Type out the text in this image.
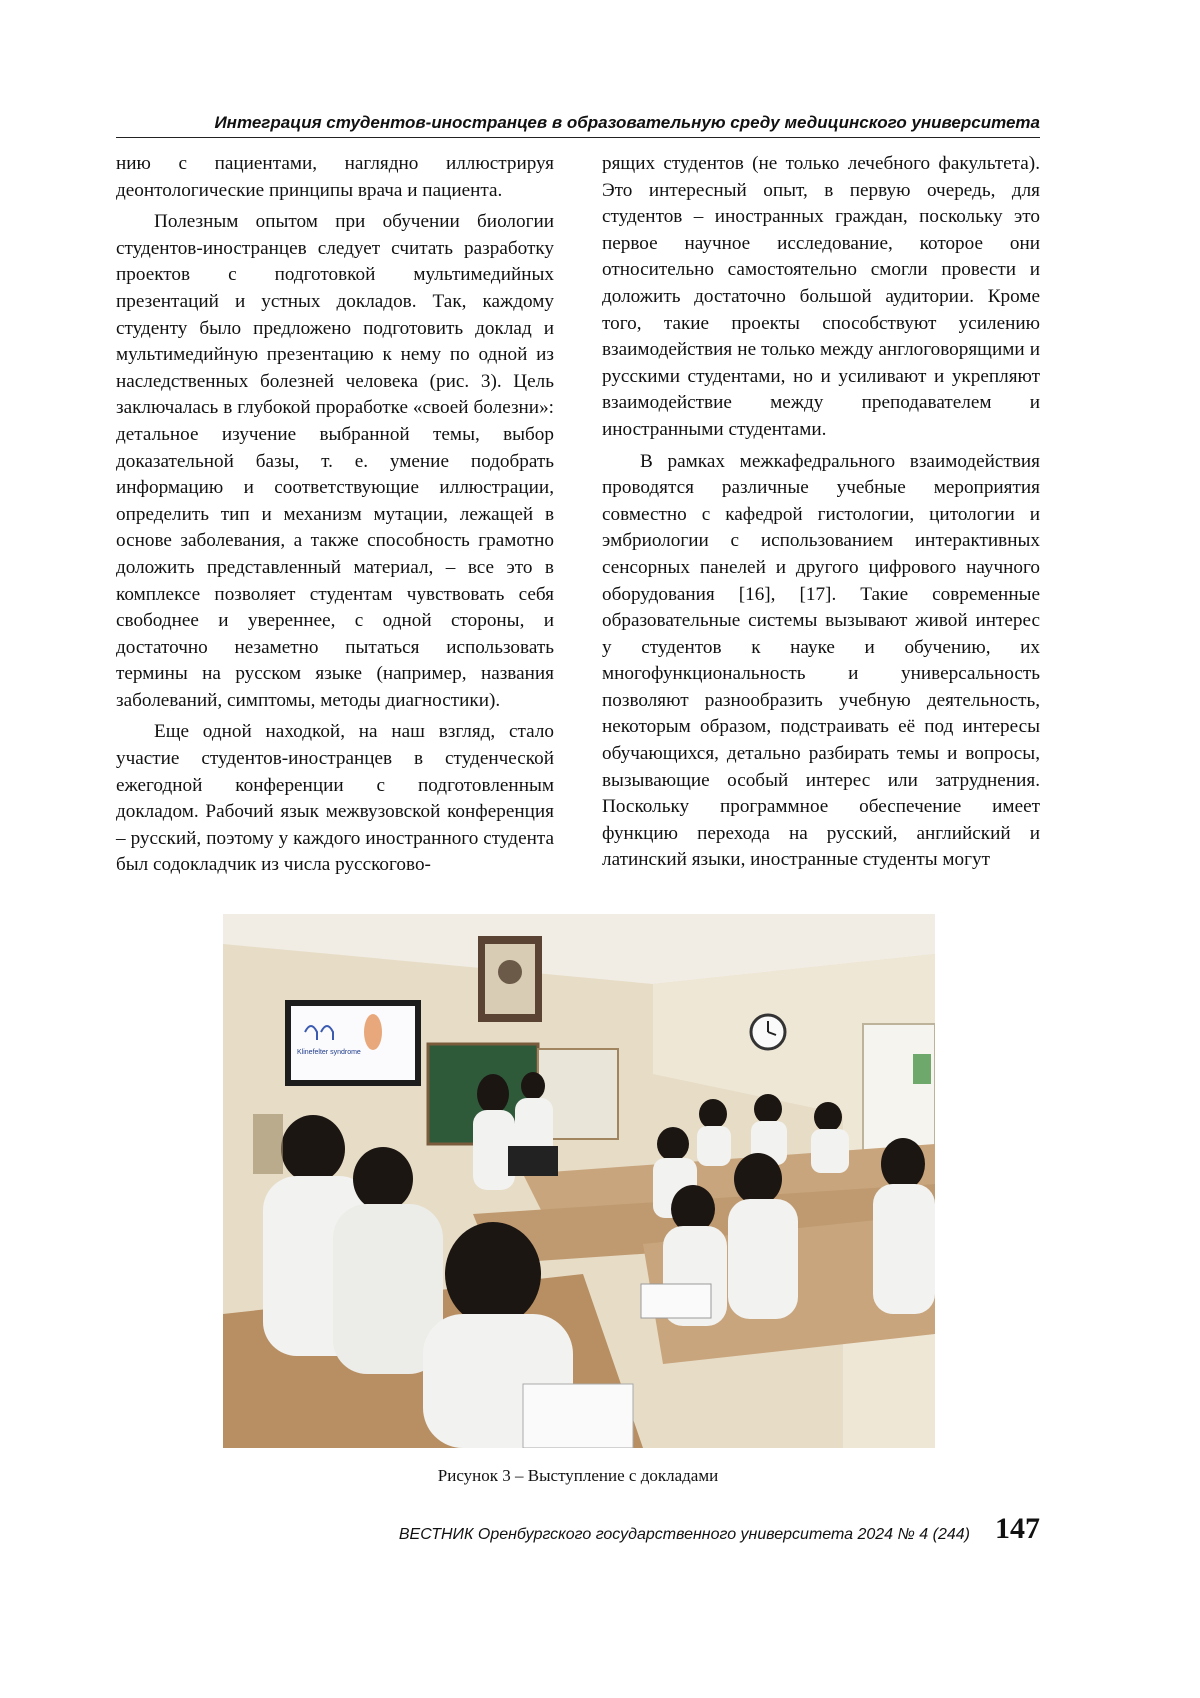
Интеграция студентов-иностранцев в образовательную среду медицинского университета

нию с пациентами, наглядно иллюстрируя деонтологические принципы врача и пациента.

Полезным опытом при обучении биологии студентов-иностранцев следует считать разработку проектов с подготовкой мультимедийных презентаций и устных докладов. Так, каждому студенту было предложено подготовить доклад и мультимедийную презентацию к нему по одной из наследственных болезней человека (рис. 3). Цель заключалась в глубокой проработке «своей болезни»: детальное изучение выбранной темы, выбор доказательной базы, т. е. умение подобрать информацию и соответствующие иллюстрации, определить тип и механизм мутации, лежащей в основе заболевания, а также способность грамотно доложить представленный материал, – все это в комплексе позволяет студентам чувствовать себя свободнее и увереннее, с одной стороны, и достаточно незаметно пытаться использовать термины на русском языке (например, названия заболеваний, симптомы, методы диагностики).

Еще одной находкой, на наш взгляд, стало участие студентов-иностранцев в студенческой ежегодной конференции с подготовленным докладом. Рабочий язык межвузовской конференция – русский, поэтому у каждого иностранного студента был содокладчик из числа русскогово-

рящих студентов (не только лечебного факультета). Это интересный опыт, в первую очередь, для студентов – иностранных граждан, поскольку это первое научное исследование, которое они относительно самостоятельно смогли провести и доложить достаточно большой аудитории. Кроме того, такие проекты способствуют усилению взаимодействия не только между англоговорящими и русскими студентами, но и усиливают и укрепляют взаимодействие между преподавателем и иностранными студентами.

В рамках межкафедрального взаимодействия проводятся различные учебные мероприятия совместно с кафедрой гистологии, цитологии и эмбриологии с использованием интерактивных сенсорных панелей и другого цифрового научного оборудования [16], [17]. Такие современные образовательные системы вызывают живой интерес у студентов к науке и обучению, их многофункциональность и универсальность позволяют разнообразить учебную деятельность, некоторым образом, подстраивать её под интересы обучающихся, детально разбирать темы и вопросы, вызывающие особый интерес или затруднения. Поскольку программное обеспечение имеет функцию перехода на русский, английский и латинский языки, иностранные студенты могут

Klinefelter syndrome
Рисунок 3 – Выступление с докладами
ВЕСТНИК Оренбургского государственного университета 2024 № 4 (244) 147
